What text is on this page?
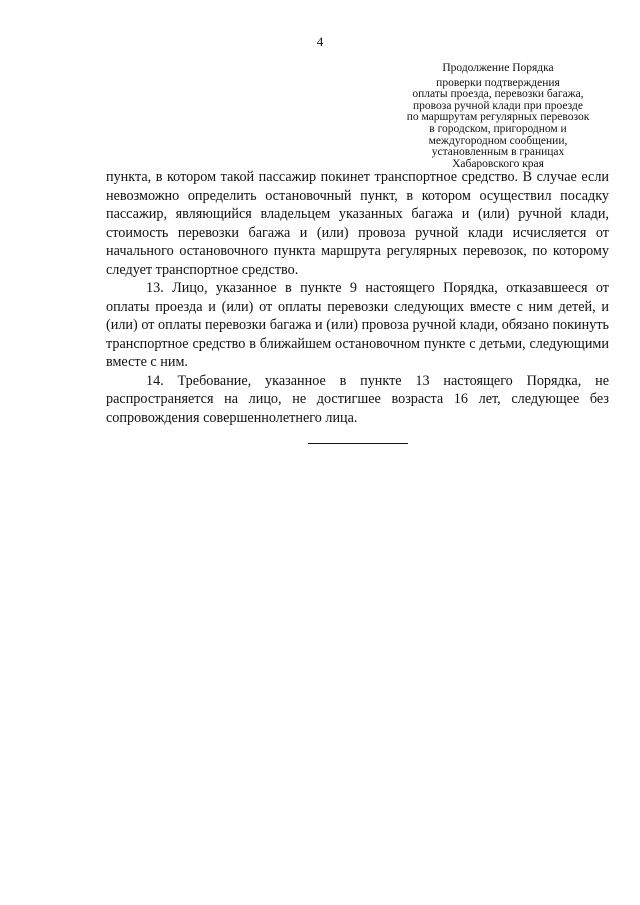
4
Продолжение Порядка
проверки подтверждения
оплаты проезда, перевозки багажа,
провоза ручной клади при проезде
по маршрутам регулярных перевозок
в городском, пригородном и
междугородном сообщении,
установленным в границах
Хабаровского края

пункта, в котором такой пассажир покинет транспортное средство. В случае если невозможно определить остановочный пункт, в котором осуществил посадку пассажир, являющийся владельцем указанных багажа и (или) ручной клади, стоимость перевозки багажа и (или) провоза ручной клади исчисляется от начального остановочного пункта маршрута регулярных перевозок, по которому следует транспортное средство.

13. Лицо, указанное в пункте 9 настоящего Порядка, отказавшееся от оплаты проезда и (или) от оплаты перевозки следующих вместе с ним детей, и (или) от оплаты перевозки багажа и (или) провоза ручной клади, обязано покинуть транспортное средство в ближайшем остановочном пункте с детьми, следующими вместе с ним.

14. Требование, указанное в пункте 13 настоящего Порядка, не распространяется на лицо, не достигшее возраста 16 лет, следующее без сопровождения совершеннолетнего лица.
